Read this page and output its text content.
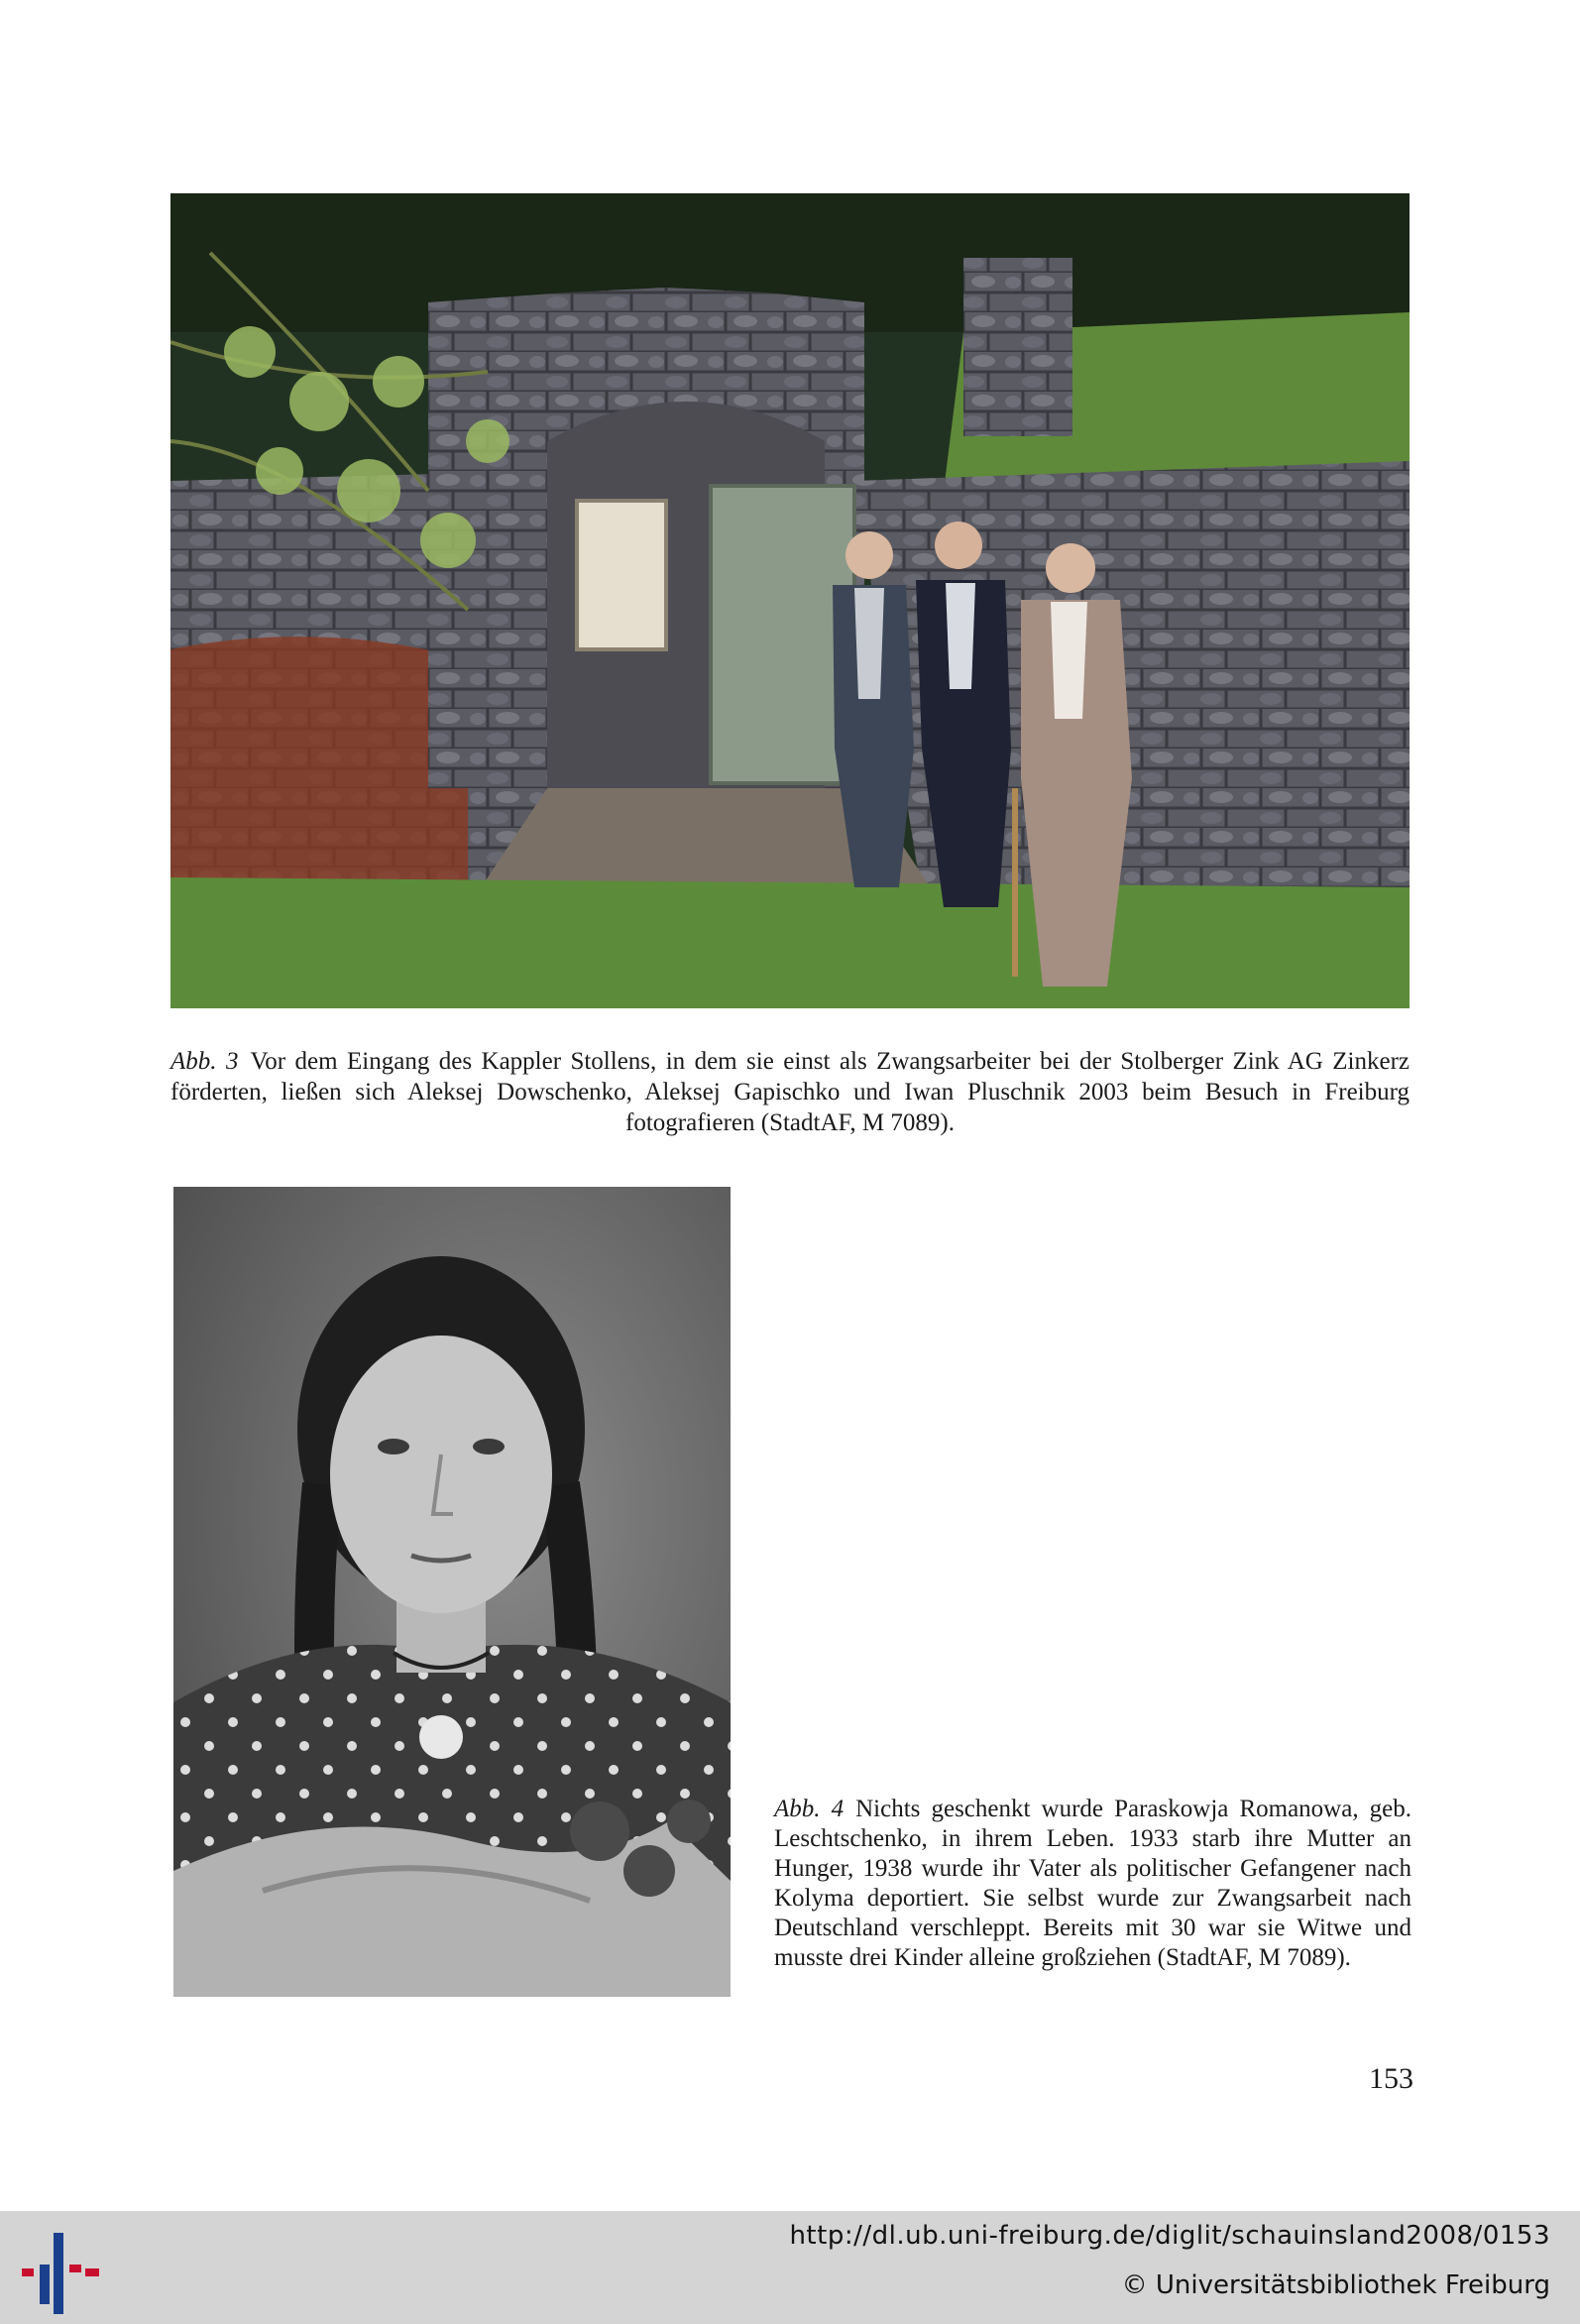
Abb. 3 Vor dem Eingang des Kappler Stollens, in dem sie einst als Zwangsarbeiter bei der Stolberger Zink AG Zinkerz förderten, ließen sich Aleksej Dowschenko, Aleksej Gapischko und Iwan Pluschnik 2003 beim Besuch in Freiburg fotografieren (StadtAF, M 7089).
Abb. 4 Nichts geschenkt wurde Paraskowja Romanowa, geb. Leschtschenko, in ihrem Leben. 1933 starb ihre Mutter an Hunger, 1938 wurde ihr Vater als politischer Gefangener nach Kolyma deportiert. Sie selbst wurde zur Zwangsarbeit nach Deutschland verschleppt. Bereits mit 30 war sie Witwe und musste drei Kinder alleine großziehen (StadtAF, M 7089).
153
http://dl.ub.uni-freiburg.de/diglit/schauinsland2008/0153
© Universitätsbibliothek Freiburg
